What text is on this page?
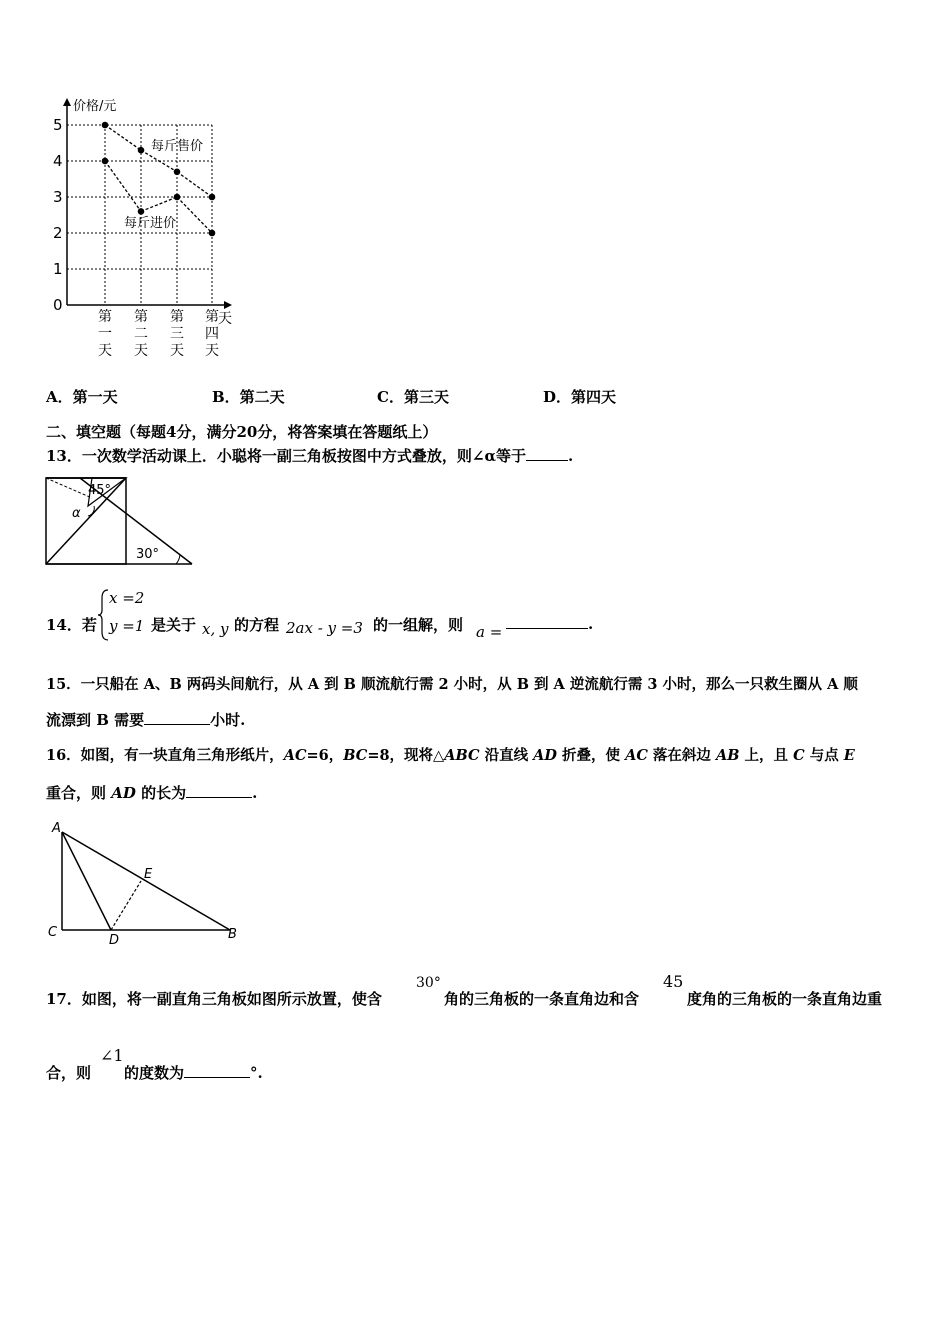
0
1
2
3
4
5
价格/元
天
第
一
天
第
二
天
第
三
天
第
四
天
每斤售价
每斤进价
A．第一天	B．第二天	C．第三天	D．第四天
二、填空题（每题4分，满分20分，将答案填在答题纸上）
13．一次数学活动课上．小聪将一副三角板按图中方式叠放，则∠α等于	.
45°
α
30°
14．若
x =2
y =1 是关于 x, y 的方程 2ax - y =3 的一组解，则 a =	.
15．一只船在 A、B 两码头间航行，从 A 到 B 顺流航行需 2 小时，从 B 到 A 逆流航行需 3 小时，那么一只救生圈从 A 顺
流漂到 B 需要	小时.
16．如图，有一块直角三角形纸片，AC=6，BC=8，现将△ABC 沿直线 AD 折叠，使 AC 落在斜边 AB 上，且 C 与点 E
重合，则 AD 的长为	.
A
C
D
E
B
17．如图，将一副直角三角板如图所示放置，使含
30°
角的三角板的一条直角边和含
45
度角的三角板的一条直角边重
合，则
∠1
的度数为	°.
